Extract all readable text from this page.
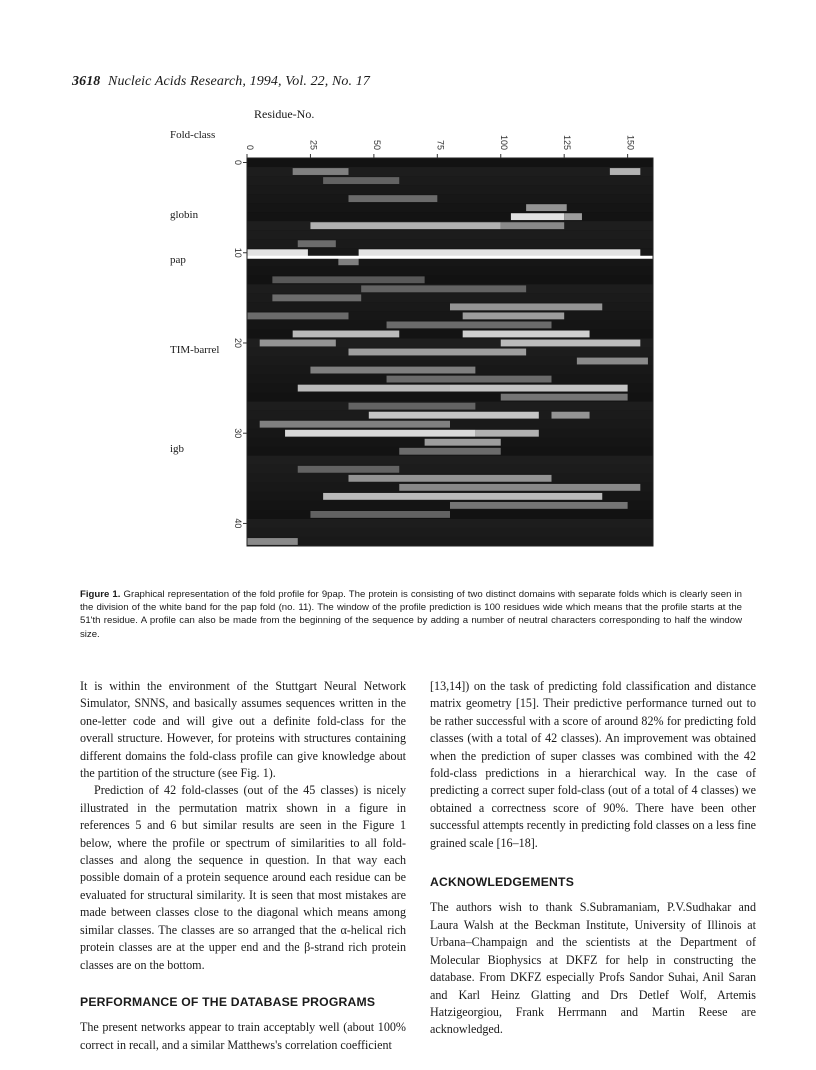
3618 Nucleic Acids Research, 1994, Vol. 22, No. 17
0	25	50	75	100	125	150
0
10
20
30
40
Residue-No.
Fold-class
globin
pap
TIM-barrel
igb
Figure 1. Graphical representation of the fold profile for 9pap. The protein is consisting of two distinct domains with separate folds which is clearly seen in the division of the white band for the pap fold (no. 11). The window of the profile prediction is 100 residues wide which means that the profile starts at the 51'th residue. A profile can also be made from the beginning of the sequence by adding a number of neutral characters corresponding to half the window size.

It is within the environment of the Stuttgart Neural Network Simulator, SNNS, and basically assumes sequences written in the one-letter code and will give out a definite fold-class for the overall structure. However, for proteins with structures containing different domains the fold-class profile can give knowledge about the partition of the structure (see Fig. 1).

Prediction of 42 fold-classes (out of the 45 classes) is nicely illustrated in the permutation matrix shown in a figure in references 5 and 6 but similar results are seen in the Figure 1 below, where the profile or spectrum of similarities to all fold-classes and along the sequence in question. In that way each possible domain of a protein sequence around each residue can be evaluated for structural similarity. It is seen that most mistakes are made between classes close to the diagonal which means among similar classes. The classes are so arranged that the α-helical rich protein classes are at the upper end and the β-strand rich protein classes are on the bottom.

PERFORMANCE OF THE DATABASE PROGRAMS

The present networks appear to train acceptably well (about 100% correct in recall, and a similar Matthews's correlation coefficient

[13,14]) on the task of predicting fold classification and distance matrix geometry [15]. Their predictive performance turned out to be rather successful with a score of around 82% for predicting fold classes (with a total of 42 classes). An improvement was obtained when the prediction of super classes was combined with the 42 fold-class predictions in a hierarchical way. In the case of predicting a correct super fold-class (out of a total of 4 classes) we obtained a correctness score of 90%. There have been other successful attempts recently in predicting fold classes on a less fine grained scale [16–18].

ACKNOWLEDGEMENTS

The authors wish to thank S.Subramaniam, P.V.Sudhakar and Laura Walsh at the Beckman Institute, University of Illinois at Urbana–Champaign and the scientists at the Department of Molecular Biophysics at DKFZ for help in constructing the database. From DKFZ especially Profs Sandor Suhai, Anil Saran and Karl Heinz Glatting and Drs Detlef Wolf, Artemis Hatzigeorgiou, Frank Herrmann and Martin Reese are acknowledged.
